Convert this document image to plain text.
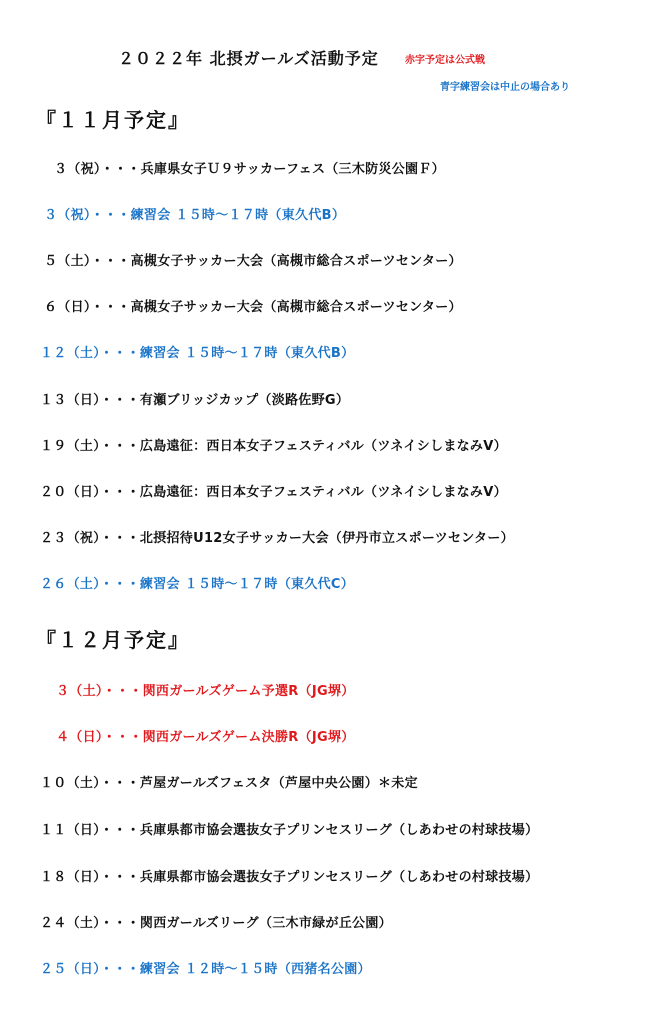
２０２２年 北摂ガールズ活動予定	赤字予定は公式戦
青字練習会は中止の場合あり
『１１月予定』
３（祝）・・・兵庫県女子Ｕ９サッカーフェス（三木防災公園Ｆ）
３（祝）・・・練習会 １５時〜１７時（東久代B）
５（土）・・・高槻女子サッカー大会（高槻市総合スポーツセンター）
６（日）・・・高槻女子サッカー大会（高槻市総合スポーツセンター）
１２（土）・・・練習会 １５時〜１７時（東久代B）
１３（日）・・・有瀬ブリッジカップ（淡路佐野G）
１９（土）・・・広島遠征：西日本女子フェスティバル（ツネイシしまなみV）
２０（日）・・・広島遠征：西日本女子フェスティバル（ツネイシしまなみV）
２３（祝）・・・北摂招待U12女子サッカー大会（伊丹市立スポーツセンター）
２６（土）・・・練習会 １５時〜１７時（東久代C）
『１２月予定』
３（土）・・・関西ガールズゲーム予選R（JG堺）
４（日）・・・関西ガールズゲーム決勝R（JG堺）
１０（土）・・・芦屋ガールズフェスタ（芦屋中央公園）＊未定
１１（日）・・・兵庫県都市協会選抜女子プリンセスリーグ（しあわせの村球技場）
１８（日）・・・兵庫県都市協会選抜女子プリンセスリーグ（しあわせの村球技場）
２４（土）・・・関西ガールズリーグ（三木市緑が丘公園）
２５（日）・・・練習会 １２時〜１５時（西猪名公園）
